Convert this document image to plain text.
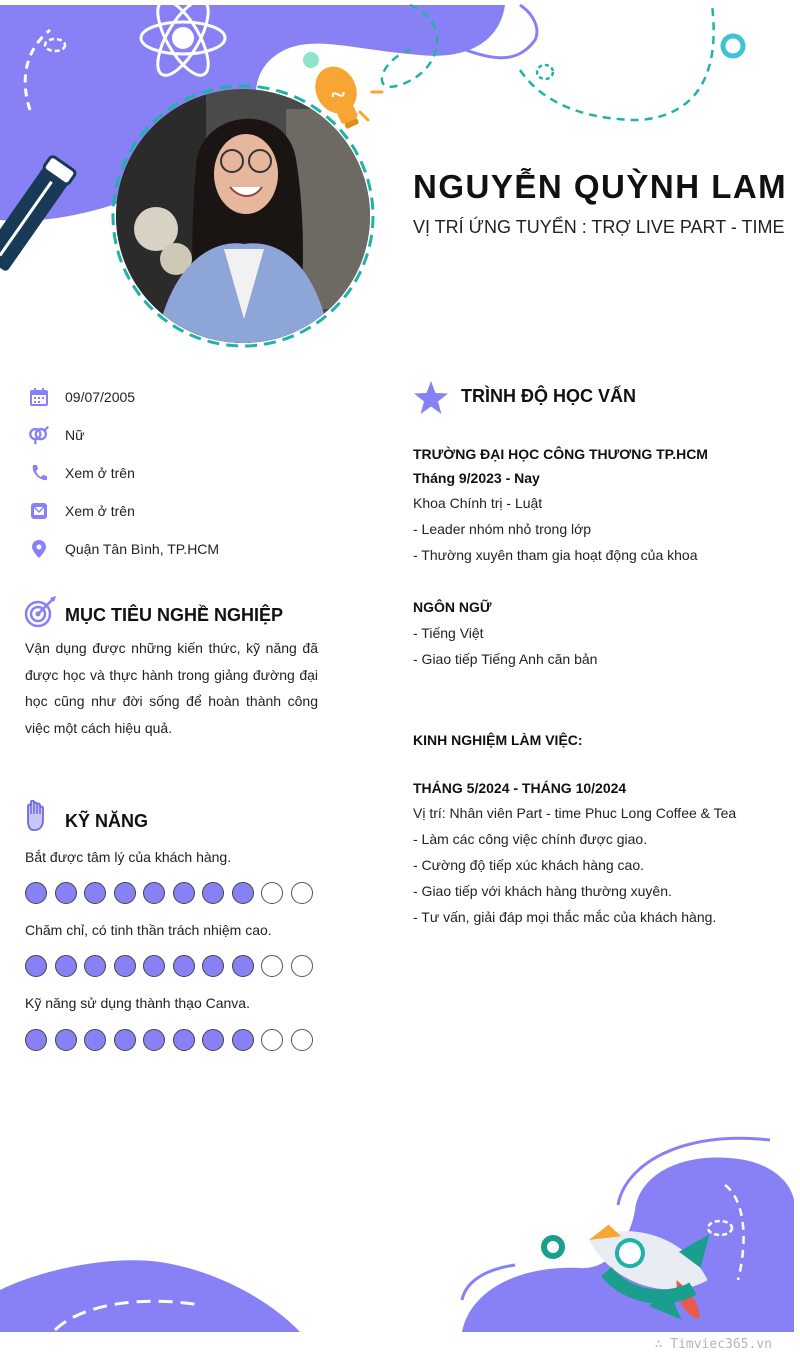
NGUYỄN QUỲNH LAM
VỊ TRÍ ỨNG TUYỂN : TRỢ LIVE PART - TIME
09/07/2005
Nữ
Xem ở trên
Xem ở trên
Quận Tân Bình, TP.HCM
MỤC TIÊU NGHỀ NGHIỆP
Vận dụng được những kiến thức, kỹ năng đã được học và thực hành trong giảng đường đại học cũng như đời sống để hoàn thành công việc một cách hiệu quả.
KỸ NĂNG
Bắt được tâm lý của khách hàng.
Chăm chỉ, có tinh thần trách nhiệm cao.
Kỹ năng sử dụng thành thạo Canva.
TRÌNH ĐỘ HỌC VẤN
TRƯỜNG ĐẠI HỌC CÔNG THƯƠNG TP.HCM
Tháng 9/2023 - Nay
Khoa Chính trị - Luật
- Leader nhóm nhỏ trong lớp
- Thường xuyên tham gia hoạt động của khoa
NGÔN NGỮ
- Tiếng Việt
- Giao tiếp Tiếng Anh căn bản
KINH NGHIỆM LÀM VIỆC:
THÁNG 5/2024 - THÁNG 10/2024
Vị trí: Nhân viên Part - time Phuc Long Coffee & Tea
- Làm các công việc chính được giao.
- Cường độ tiếp xúc khách hàng cao.
- Giao tiếp với khách hàng thường xuyên.
- Tư vấn, giải đáp mọi thắc mắc của khách hàng.
∴ Timviec365.vn
